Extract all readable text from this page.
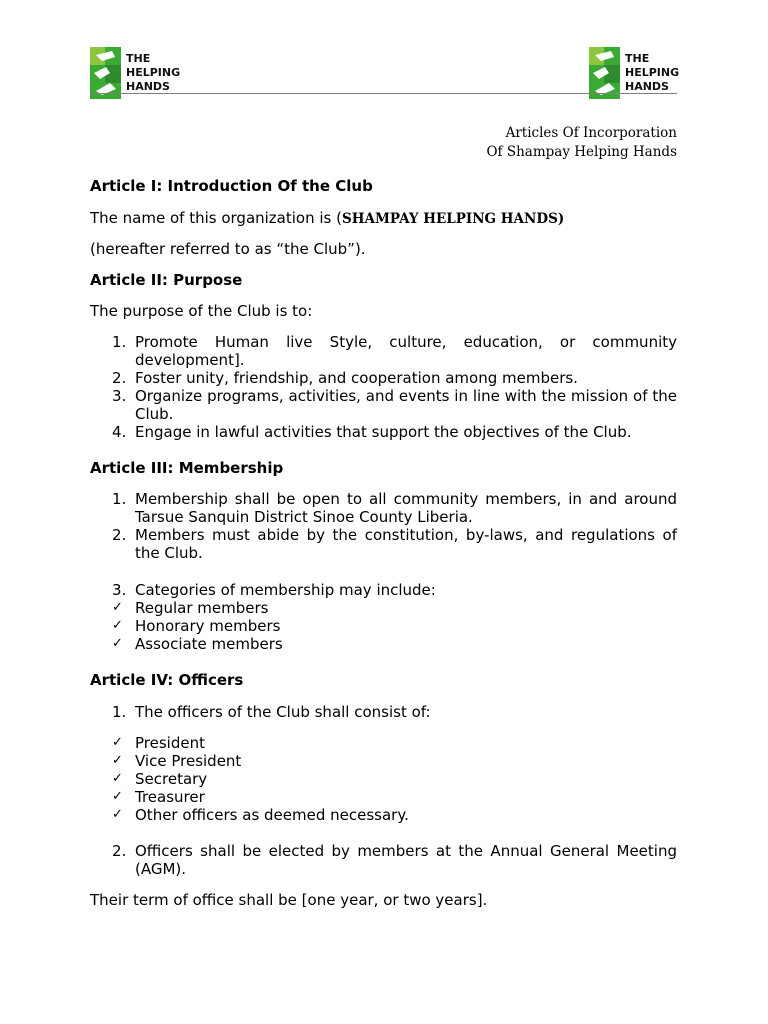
THE
HELPING
HANDS
THE
HELPING
HANDS
Articles Of Incorporation
Of Shampay Helping Hands
Article I: Introduction Of the Club

The name of this organization is (SHAMPAY HELPING HANDS)

(hereafter referred to as “the Club”).

Article II: Purpose

The purpose of the Club is to:

1. Promote Human live Style, culture, education, or community development].
2. Foster unity, friendship, and cooperation among members.
3. Organize programs, activities, and events in line with the mission of the Club.
4. Engage in lawful activities that support the objectives of the Club.
Article III: Membership
1. Membership shall be open to all community members, in and around Tarsue Sanquin District Sinoe County Liberia.
2. Members must abide by the constitution, by-laws, and regulations of the Club.
3. Categories of membership may include:
✓ Regular members
✓ Honorary members
✓ Associate members
Article IV: Officers
1. The officers of the Club shall consist of:
✓ President
✓ Vice President
✓ Secretary
✓ Treasurer
✓ Other officers as deemed necessary.
2. Officers shall be elected by members at the Annual General Meeting (AGM).

Their term of office shall be [one year, or two years].
